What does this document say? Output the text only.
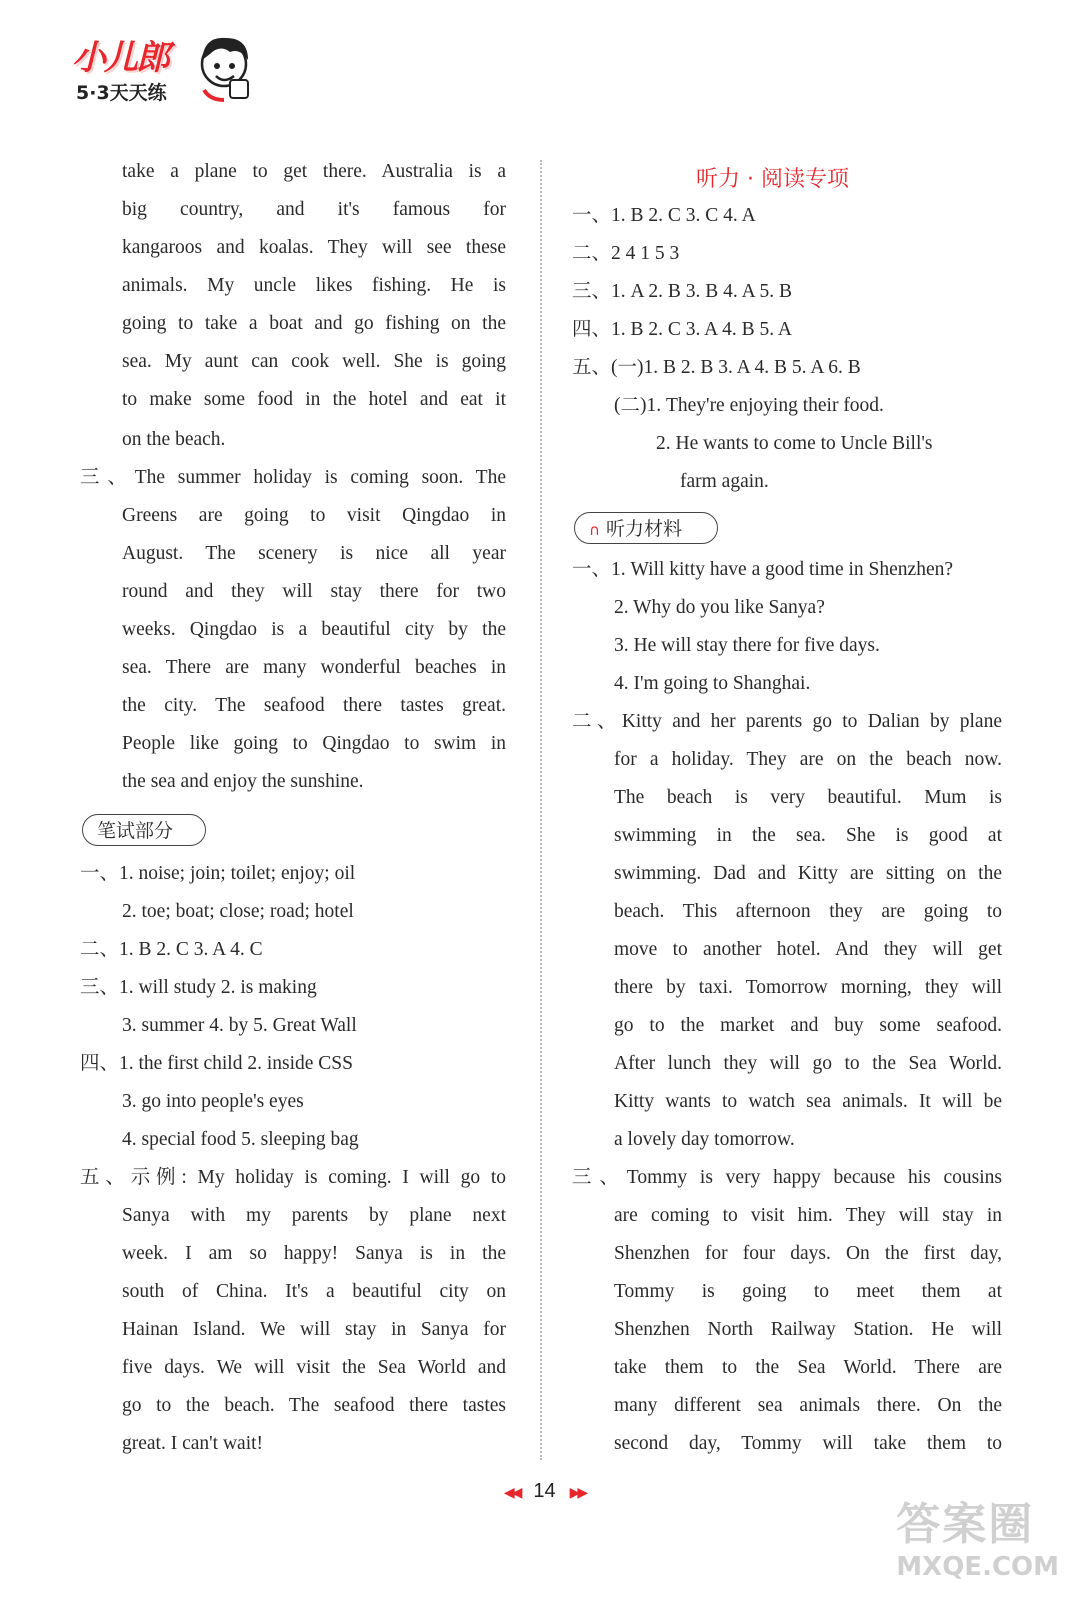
小儿郎
5·3天天练
take a plane to get there. Australia is a
big country, and it's famous for
kangaroos and koalas. They will see these
animals. My uncle likes fishing. He is
going to take a boat and go fishing on the
sea. My aunt can cook well. She is going
to make some food in the hotel and eat it
on the beach.
三、The summer holiday is coming soon. The
Greens are going to visit Qingdao in
August. The scenery is nice all year
round and they will stay there for two
weeks. Qingdao is a beautiful city by the
sea. There are many wonderful beaches in
the city. The seafood there tastes great.
People like going to Qingdao to swim in
the sea and enjoy the sunshine.
笔试部分
一、1. noise; join; toilet; enjoy; oil
2. toe; boat; close; road; hotel
二、1. B 2. C 3. A 4. C
三、1. will study 2. is making
3. summer 4. by 5. Great Wall
四、1. the first child 2. inside CSS
3. go into people's eyes
4. special food 5. sleeping bag
五、示例: My holiday is coming. I will go to
Sanya with my parents by plane next
week. I am so happy! Sanya is in the
south of China. It's a beautiful city on
Hainan Island. We will stay in Sanya for
five days. We will visit the Sea World and
go to the beach. The seafood there tastes
great. I can't wait!
听力 · 阅读专项
一、1. B 2. C 3. C 4. A
二、2 4 1 5 3
三、1. A 2. B 3. B 4. A 5. B
四、1. B 2. C 3. A 4. B 5. A
五、(一)1. B 2. B 3. A 4. B 5. A 6. B
(二)1. They're enjoying their food.
2. He wants to come to Uncle Bill's
farm again.
∩ 听力材料
一、1. Will kitty have a good time in Shenzhen?
2. Why do you like Sanya?
3. He will stay there for five days.
4. I'm going to Shanghai.
二、Kitty and her parents go to Dalian by plane
for a holiday. They are on the beach now.
The beach is very beautiful. Mum is
swimming in the sea. She is good at
swimming. Dad and Kitty are sitting on the
beach. This afternoon they are going to
move to another hotel. And they will get
there by taxi. Tomorrow morning, they will
go to the market and buy some seafood.
After lunch they will go to the Sea World.
Kitty wants to watch sea animals. It will be
a lovely day tomorrow.
三、Tommy is very happy because his cousins
are coming to visit him. They will stay in
Shenzhen for four days. On the first day,
Tommy is going to meet them at
Shenzhen North Railway Station. He will
take them to the Sea World. There are
many different sea animals there. On the
second day, Tommy will take them to
◀◀ 14 ▶▶
答案圈
MXQE.COM
